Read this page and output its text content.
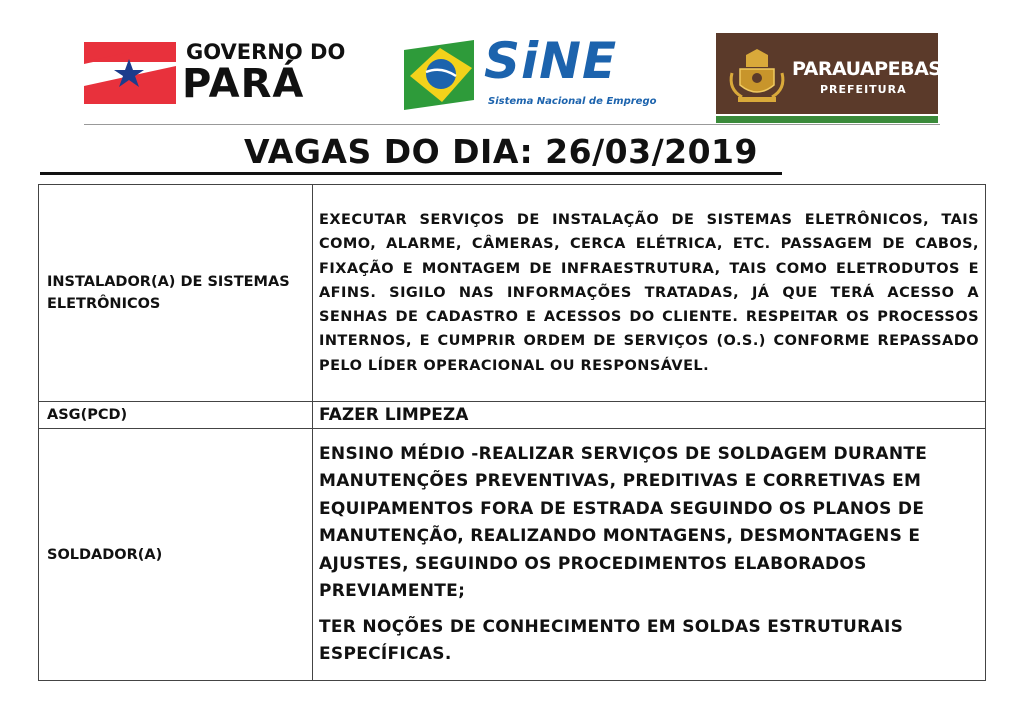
GOVERNO DO
PARÁ	SiNE
Sistema Nacional de Emprego
PARAUAPEBAS
PREFEITURA
VAGAS DO DIA: 26/03/2019
INSTALADOR(A) DE SISTEMAS ELETRÔNICOS	EXECUTAR SERVIÇOS DE INSTALAÇÃO DE SISTEMAS ELETRÔNICOS, TAIS COMO, ALARME, CÂMERAS, CERCA ELÉTRICA, ETC. PASSAGEM DE CABOS, FIXAÇÃO E MONTAGEM DE INFRAESTRUTURA, TAIS COMO ELETRODUTOS E AFINS. SIGILO NAS INFORMAÇÕES TRATADAS, JÁ QUE TERÁ ACESSO A SENHAS DE CADASTRO E ACESSOS DO CLIENTE. RESPEITAR OS PROCESSOS INTERNOS, E CUMPRIR ORDEM DE SERVIÇOS (O.S.) CONFORME REPASSADO PELO LÍDER OPERACIONAL OU RESPONSÁVEL.

ASG(PCD)	FAZER LIMPEZA

SOLDADOR(A)	ENSINO MÉDIO -REALIZAR SERVIÇOS DE SOLDAGEM DURANTE MANUTENÇÕES PREVENTIVAS, PREDITIVAS E CORRETIVAS EM EQUIPAMENTOS FORA DE ESTRADA SEGUINDO OS PLANOS DE MANUTENÇÃO, REALIZANDO MONTAGENS, DESMONTAGENS E AJUSTES, SEGUINDO OS PROCEDIMENTOS ELABORADOS PREVIAMENTE;

TER NOÇÕES DE CONHECIMENTO EM SOLDAS ESTRUTURAIS ESPECÍFICAS.
